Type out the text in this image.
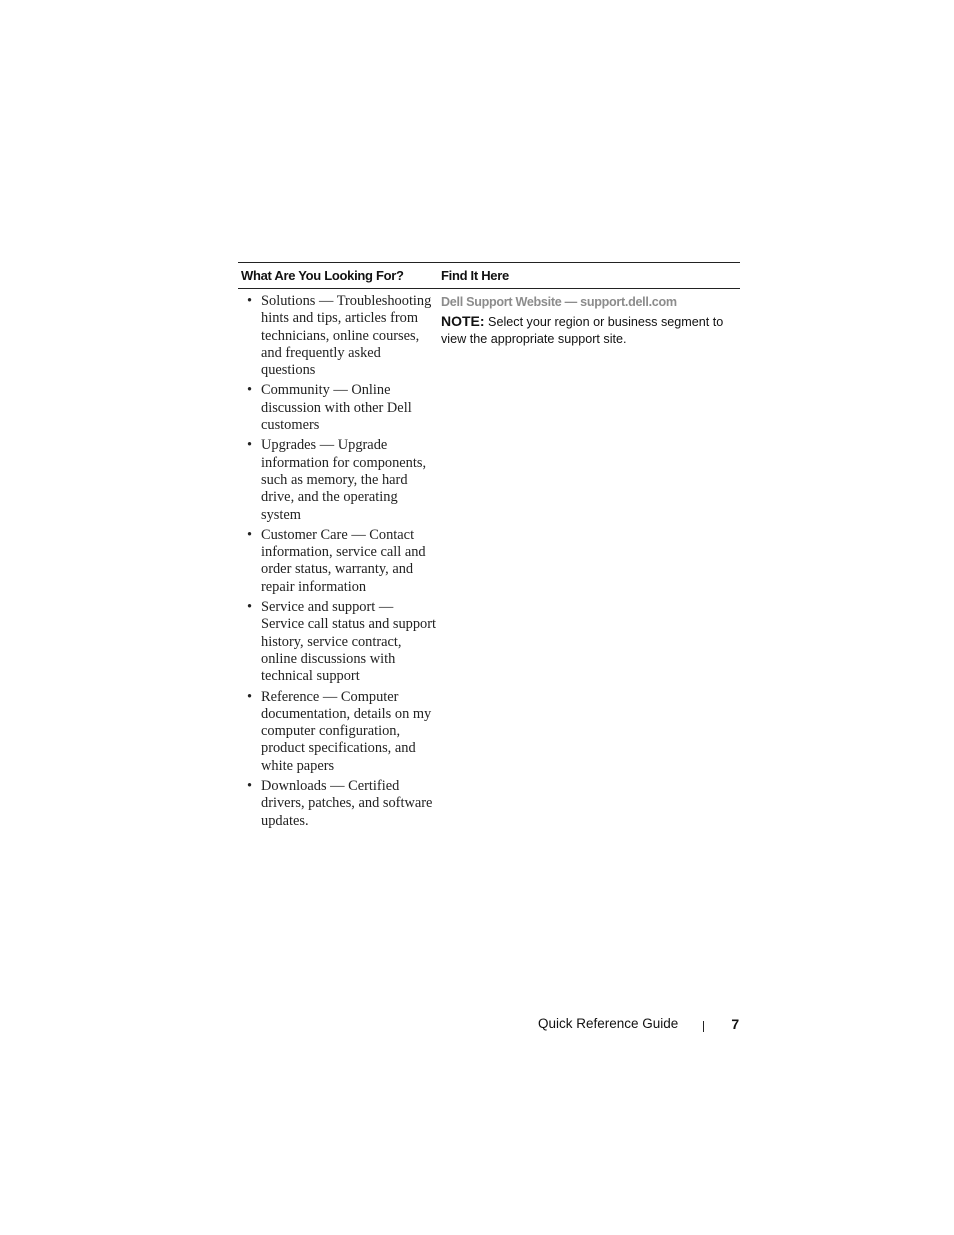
What Are You Looking For?	Find It Here
• Solutions — Troubleshooting hints and tips, articles from technicians, online courses, and frequently asked questions
• Community — Online discussion with other Dell customers
• Upgrades — Upgrade information for components, such as memory, the hard drive, and the operating system
• Customer Care — Contact information, service call and order status, warranty, and repair information
• Service and support — Service call status and support history, service contract, online discussions with technical support
• Reference — Computer documentation, details on my computer configuration, product specifications, and white papers
• Downloads — Certified drivers, patches, and software updates.
Dell Support Website — support.dell.com
NOTE: Select your region or business segment to view the appropriate support site.
Quick Reference Guide	7
